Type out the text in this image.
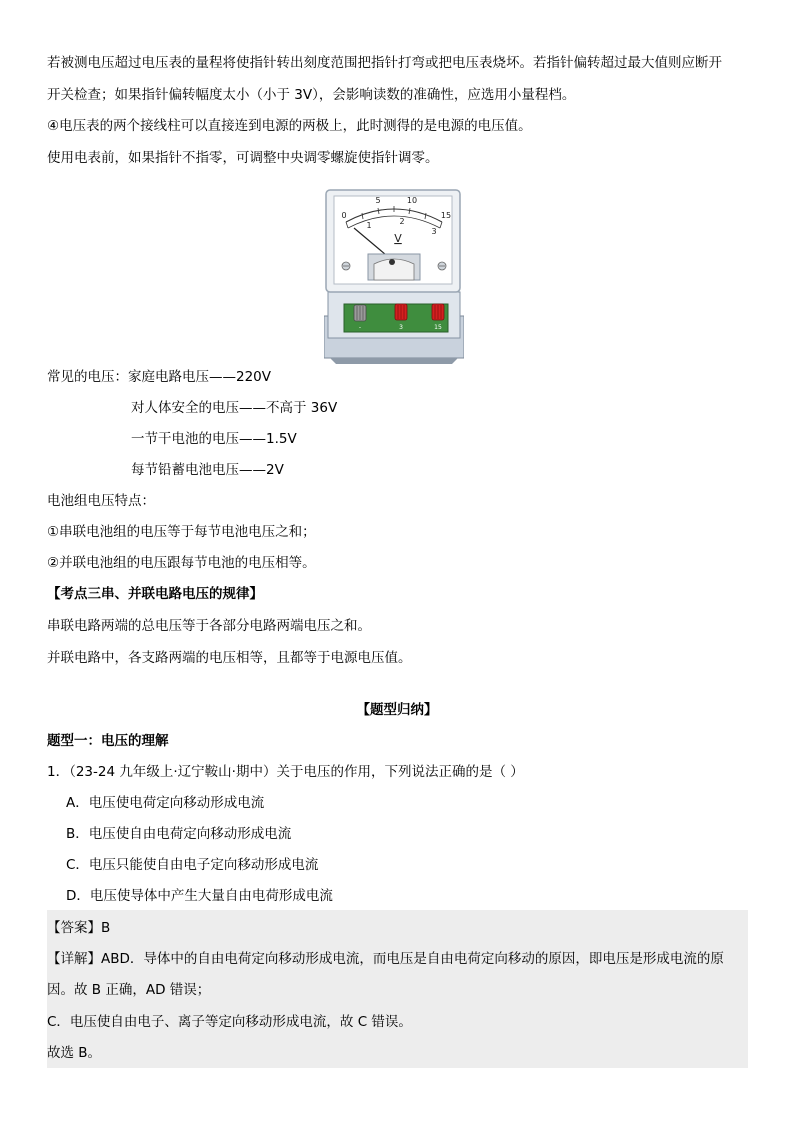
若被测电压超过电压表的量程将使指针转出刻度范围把指针打弯或把电压表烧坏。若指针偏转超过最大值则应断开
开关检查；如果指针偏转幅度太小（小于 3V），会影响读数的准确性，应选用小量程档。
④电压表的两个接线柱可以直接连到电源的两极上，此时测得的是电源的电压值。
使用电表前，如果指针不指零，可调整中央调零螺旋使指针调零。
0
5	10
15
1	2
3
V
-	3	15
常见的电压：家庭电路电压——220V
对人体安全的电压——不高于 36V
一节干电池的电压——1.5V
每节铅蓄电池电压——2V
电池组电压特点：
①串联电池组的电压等于每节电池电压之和；
②并联电池组的电压跟每节电池的电压相等。
【考点三串、并联电路电压的规律】
串联电路两端的总电压等于各部分电路两端电压之和。
并联电路中，各支路两端的电压相等，且都等于电源电压值。
【题型归纳】
题型一：电压的理解
1．（23-24 九年级上·辽宁鞍山·期中）关于电压的作用，下列说法正确的是（ ）
A．电压使电荷定向移动形成电流
B．电压使自由电荷定向移动形成电流
C．电压只能使自由电子定向移动形成电流
D．电压使导体中产生大量自由电荷形成电流
【答案】B
【详解】ABD．导体中的自由电荷定向移动形成电流，而电压是自由电荷定向移动的原因，即电压是形成电流的原
因。故 B 正确，AD 错误；
C．电压使自由电子、离子等定向移动形成电流，故 C 错误。
故选 B。
